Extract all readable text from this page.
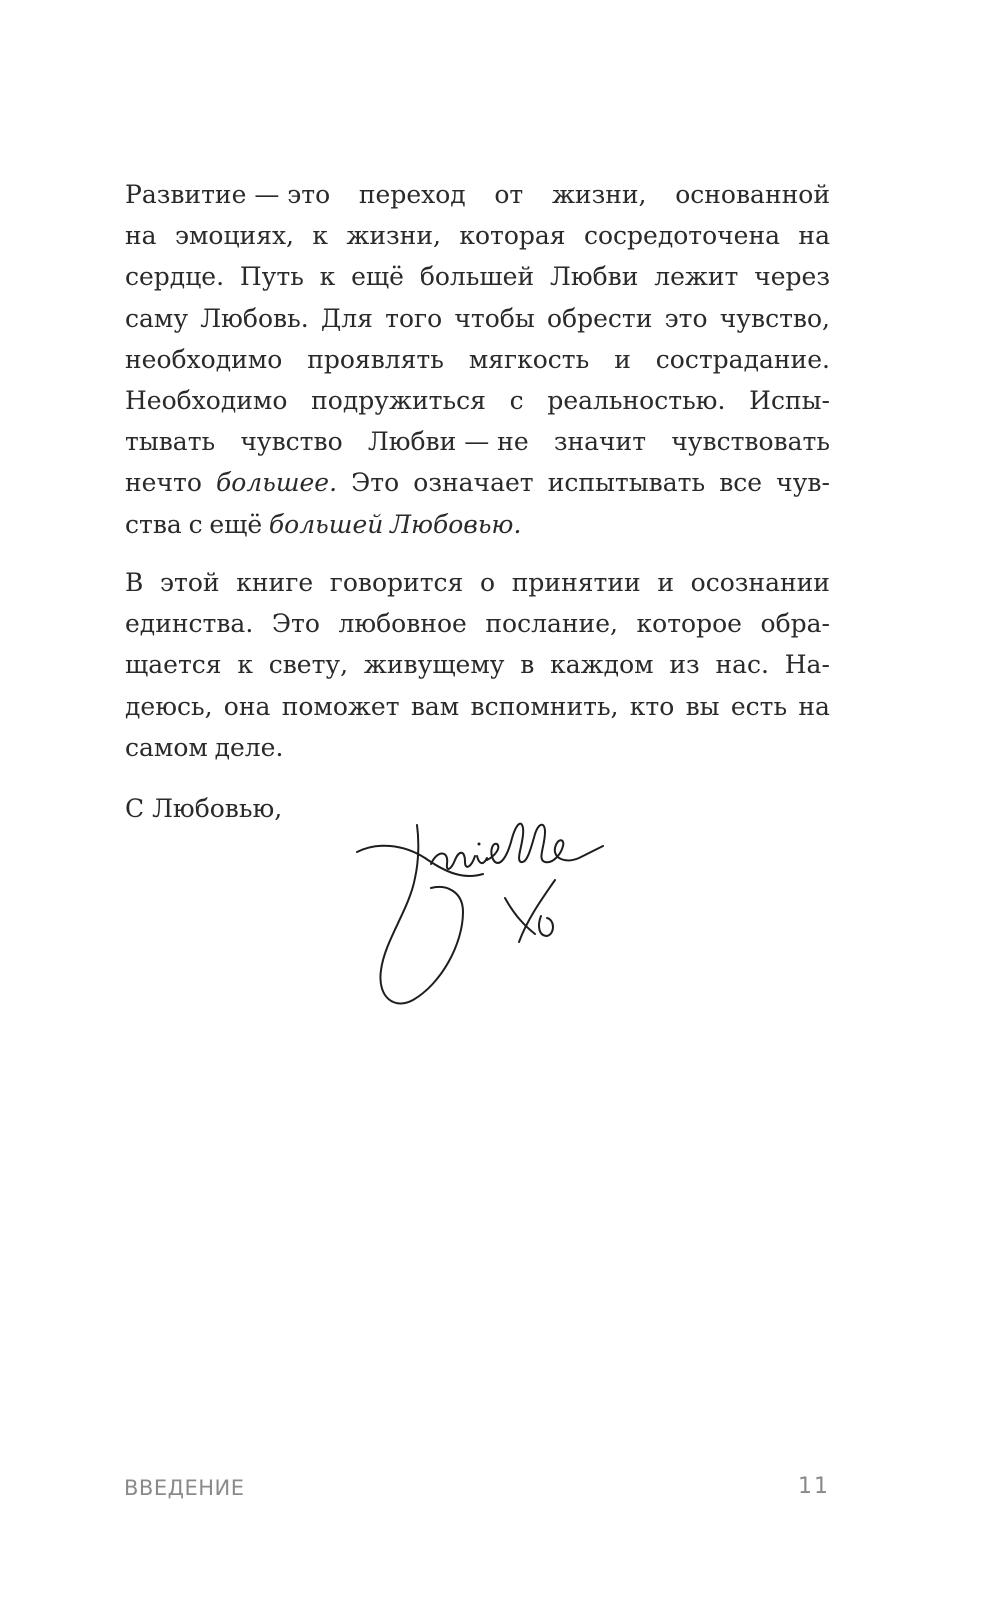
Развитие — это переход от жизни, основанной
на эмоциях, к жизни, которая сосредоточена на
сердце. Путь к ещё большей Любви лежит через
саму Любовь. Для того чтобы обрести это чувство,
необходимо проявлять мягкость и сострадание.
Необходимо подружиться с реальностью. Испы-
тывать чувство Любви — не значит чувствовать
нечто большее. Это означает испытывать все чув-
ства с ещё большей Любовью.
В этой книге говорится о принятии и осознании
единства. Это любовное послание, которое обра-
щается к свету, живущему в каждом из нас. На-
деюсь, она поможет вам вспомнить, кто вы есть на
самом деле.
С Любовью,
ВВЕДЕНИЕ	11
